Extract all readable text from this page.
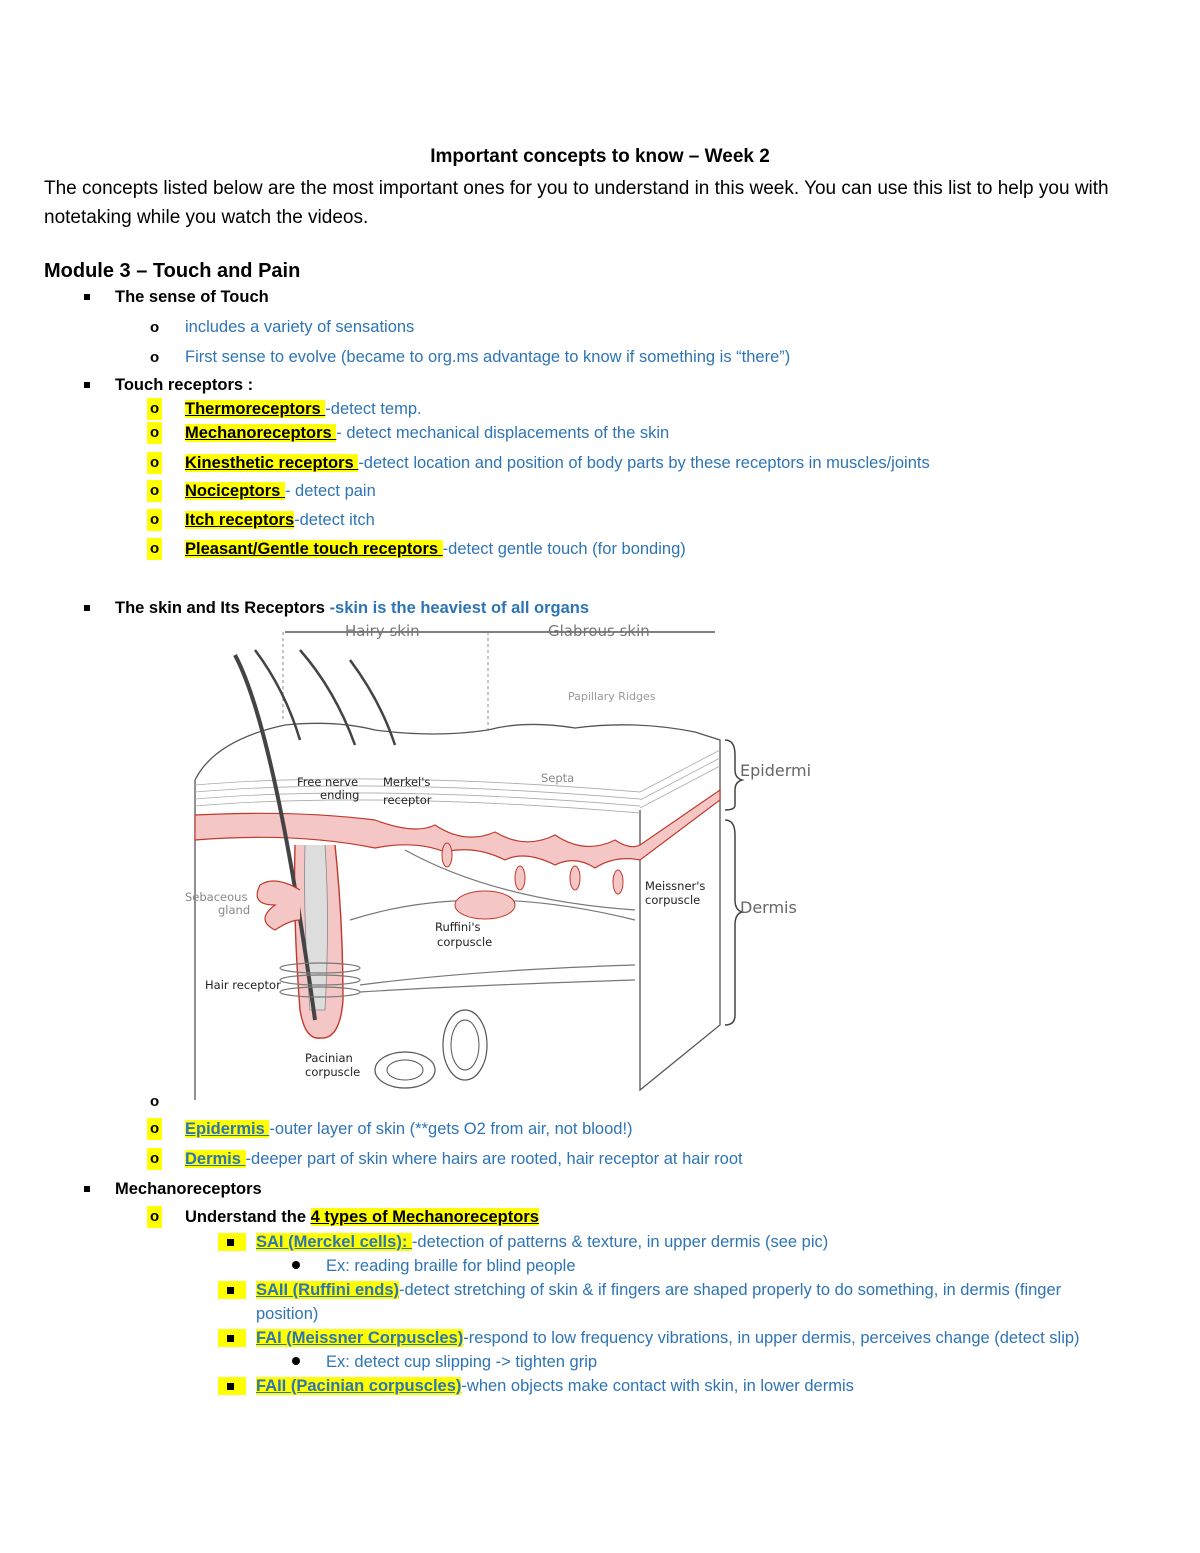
Important concepts to know – Week 2
The concepts listed below are the most important ones for you to understand in this week. You can use this list to help you with notetaking while you watch the videos.
Module 3 – Touch and Pain
The sense of Touch
o includes a variety of sensations
o First sense to evolve (became to org.ms advantage to know if something is “there”)
Touch receptors :
o Thermoreceptors -detect temp.
o Mechanoreceptors - detect mechanical displacements of the skin
o Kinesthetic receptors -detect location and position of body parts by these receptors in muscles/joints
o Nociceptors - detect pain
o Itch receptors-detect itch
o Pleasant/Gentle touch receptors -detect gentle touch (for bonding)
The skin and Its Receptors -skin is the heaviest of all organs
Hairy skin	Glabrous skin
Papillary Ridges
Epidermi
Dermis
Free nerve
ending
Merkel's
receptor
Septa
Sebaceous
gland
Ruffini's
corpuscle
Meissner's
corpuscle
Hair receptor
Pacinian
corpuscle
o
o Epidermis -outer layer of skin (**gets O2 from air, not blood!)
o Dermis -deeper part of skin where hairs are rooted, hair receptor at hair root
Mechanoreceptors
o Understand the 4 types of Mechanoreceptors
SAI (Merckel cells): -detection of patterns & texture, in upper dermis (see pic)
Ex: reading braille for blind people
SAII (Ruffini ends)-detect stretching of skin & if fingers are shaped properly to do something, in dermis (finger
position)
FAI (Meissner Corpuscles)-respond to low frequency vibrations, in upper dermis, perceives change (detect slip)
Ex: detect cup slipping -> tighten grip
FAII (Pacinian corpuscles)-when objects make contact with skin, in lower dermis
